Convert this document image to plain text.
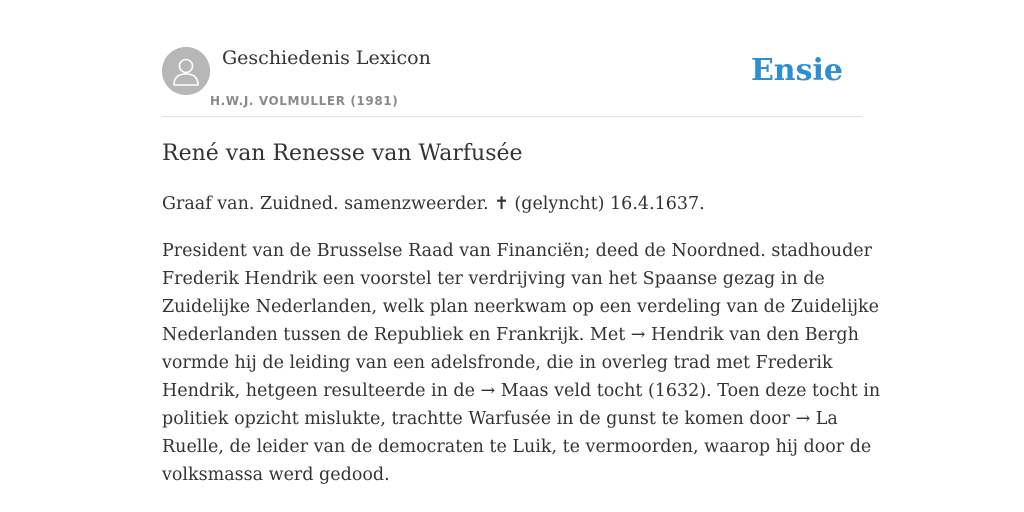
Geschiedenis Lexicon
H.W.J. VOLMULLER (1981)
Ensie
René van Renesse van Warfusée

Graaf van. Zuidned. samenzweerder. ✝ (gelyncht) 16.4.1637.

President van de Brusselse Raad van Financiën; deed de Noordned. stadhouder
Frederik Hendrik een voorstel ter verdrijving van het Spaanse gezag in de
Zuidelijke Nederlanden, welk plan neerkwam op een verdeling van de Zuidelijke
Nederlanden tussen de Republiek en Frankrijk. Met → Hendrik van den Bergh
vormde hij de leiding van een adelsfronde, die in overleg trad met Frederik
Hendrik, hetgeen resulteerde in de → Maas veld tocht (1632). Toen deze tocht in
politiek opzicht mislukte, trachtte Warfusée in de gunst te komen door → La
Ruelle, de leider van de democraten te Luik, te vermoorden, waarop hij door de
volksmassa werd gedood.
